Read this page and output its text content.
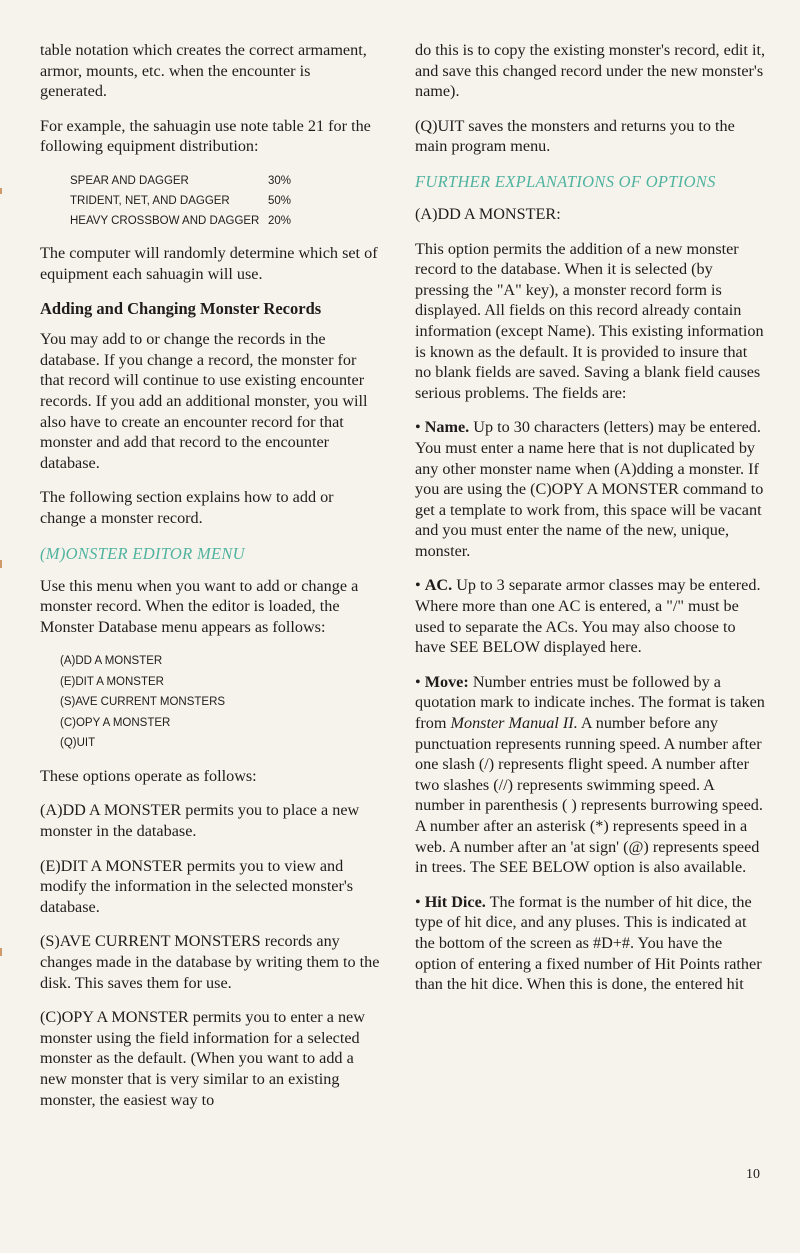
table notation which creates the correct armament, armor, mounts, etc. when the encounter is generated.

For example, the sahuagin use note table 21 for the following equipment distribution:

SPEAR AND DAGGER	30%
TRIDENT, NET, AND DAGGER	50%
HEAVY CROSSBOW AND DAGGER 20%

The computer will randomly determine which set of equipment each sahuagin will use.

Adding and Changing Monster Records

You may add to or change the records in the database. If you change a record, the monster for that record will continue to use existing encounter records. If you add an additional monster, you will also have to create an encounter record for that monster and add that record to the encounter database.

The following section explains how to add or change a monster record.

(M)ONSTER EDITOR MENU

Use this menu when you want to add or change a monster record. When the editor is loaded, the Monster Database menu appears as follows:

(A)DD A MONSTER
(E)DIT A MONSTER
(S)AVE CURRENT MONSTERS
(C)OPY A MONSTER
(Q)UIT

These options operate as follows:

(A)DD A MONSTER permits you to place a new monster in the database.

(E)DIT A MONSTER permits you to view and modify the information in the selected monster's database.

(S)AVE CURRENT MONSTERS records any changes made in the database by writing them to the disk. This saves them for use.

(C)OPY A MONSTER permits you to enter a new monster using the field information for a selected monster as the default. (When you want to add a new monster that is very similar to an existing monster, the easiest way to

do this is to copy the existing monster's record, edit it, and save this changed record under the new monster's name).

(Q)UIT saves the monsters and returns you to the main program menu.

FURTHER EXPLANATIONS OF OPTIONS

(A)DD A MONSTER:

This option permits the addition of a new monster record to the database. When it is selected (by pressing the "A" key), a monster record form is displayed. All fields on this record already contain information (except Name). This existing information is known as the default. It is provided to insure that no blank fields are saved. Saving a blank field causes serious problems. The fields are:

• Name. Up to 30 characters (letters) may be entered. You must enter a name here that is not duplicated by any other monster name when (A)dding a monster. If you are using the (C)OPY A MONSTER command to get a template to work from, this space will be vacant and you must enter the name of the new, unique, monster.

• AC. Up to 3 separate armor classes may be entered. Where more than one AC is entered, a "/" must be used to separate the ACs. You may also choose to have SEE BELOW displayed here.

• Move: Number entries must be followed by a quotation mark to indicate inches. The format is taken from Monster Manual II. A number before any punctuation represents running speed. A number after one slash (/) represents flight speed. A number after two slashes (//) represents swimming speed. A number in parenthesis ( ) represents burrowing speed. A number after an asterisk (*) represents speed in a web. A number after an 'at sign' (@) represents speed in trees. The SEE BELOW option is also available.

• Hit Dice. The format is the number of hit dice, the type of hit dice, and any pluses. This is indicated at the bottom of the screen as #D+#. You have the option of entering a fixed number of Hit Points rather than the hit dice. When this is done, the entered hit

10
